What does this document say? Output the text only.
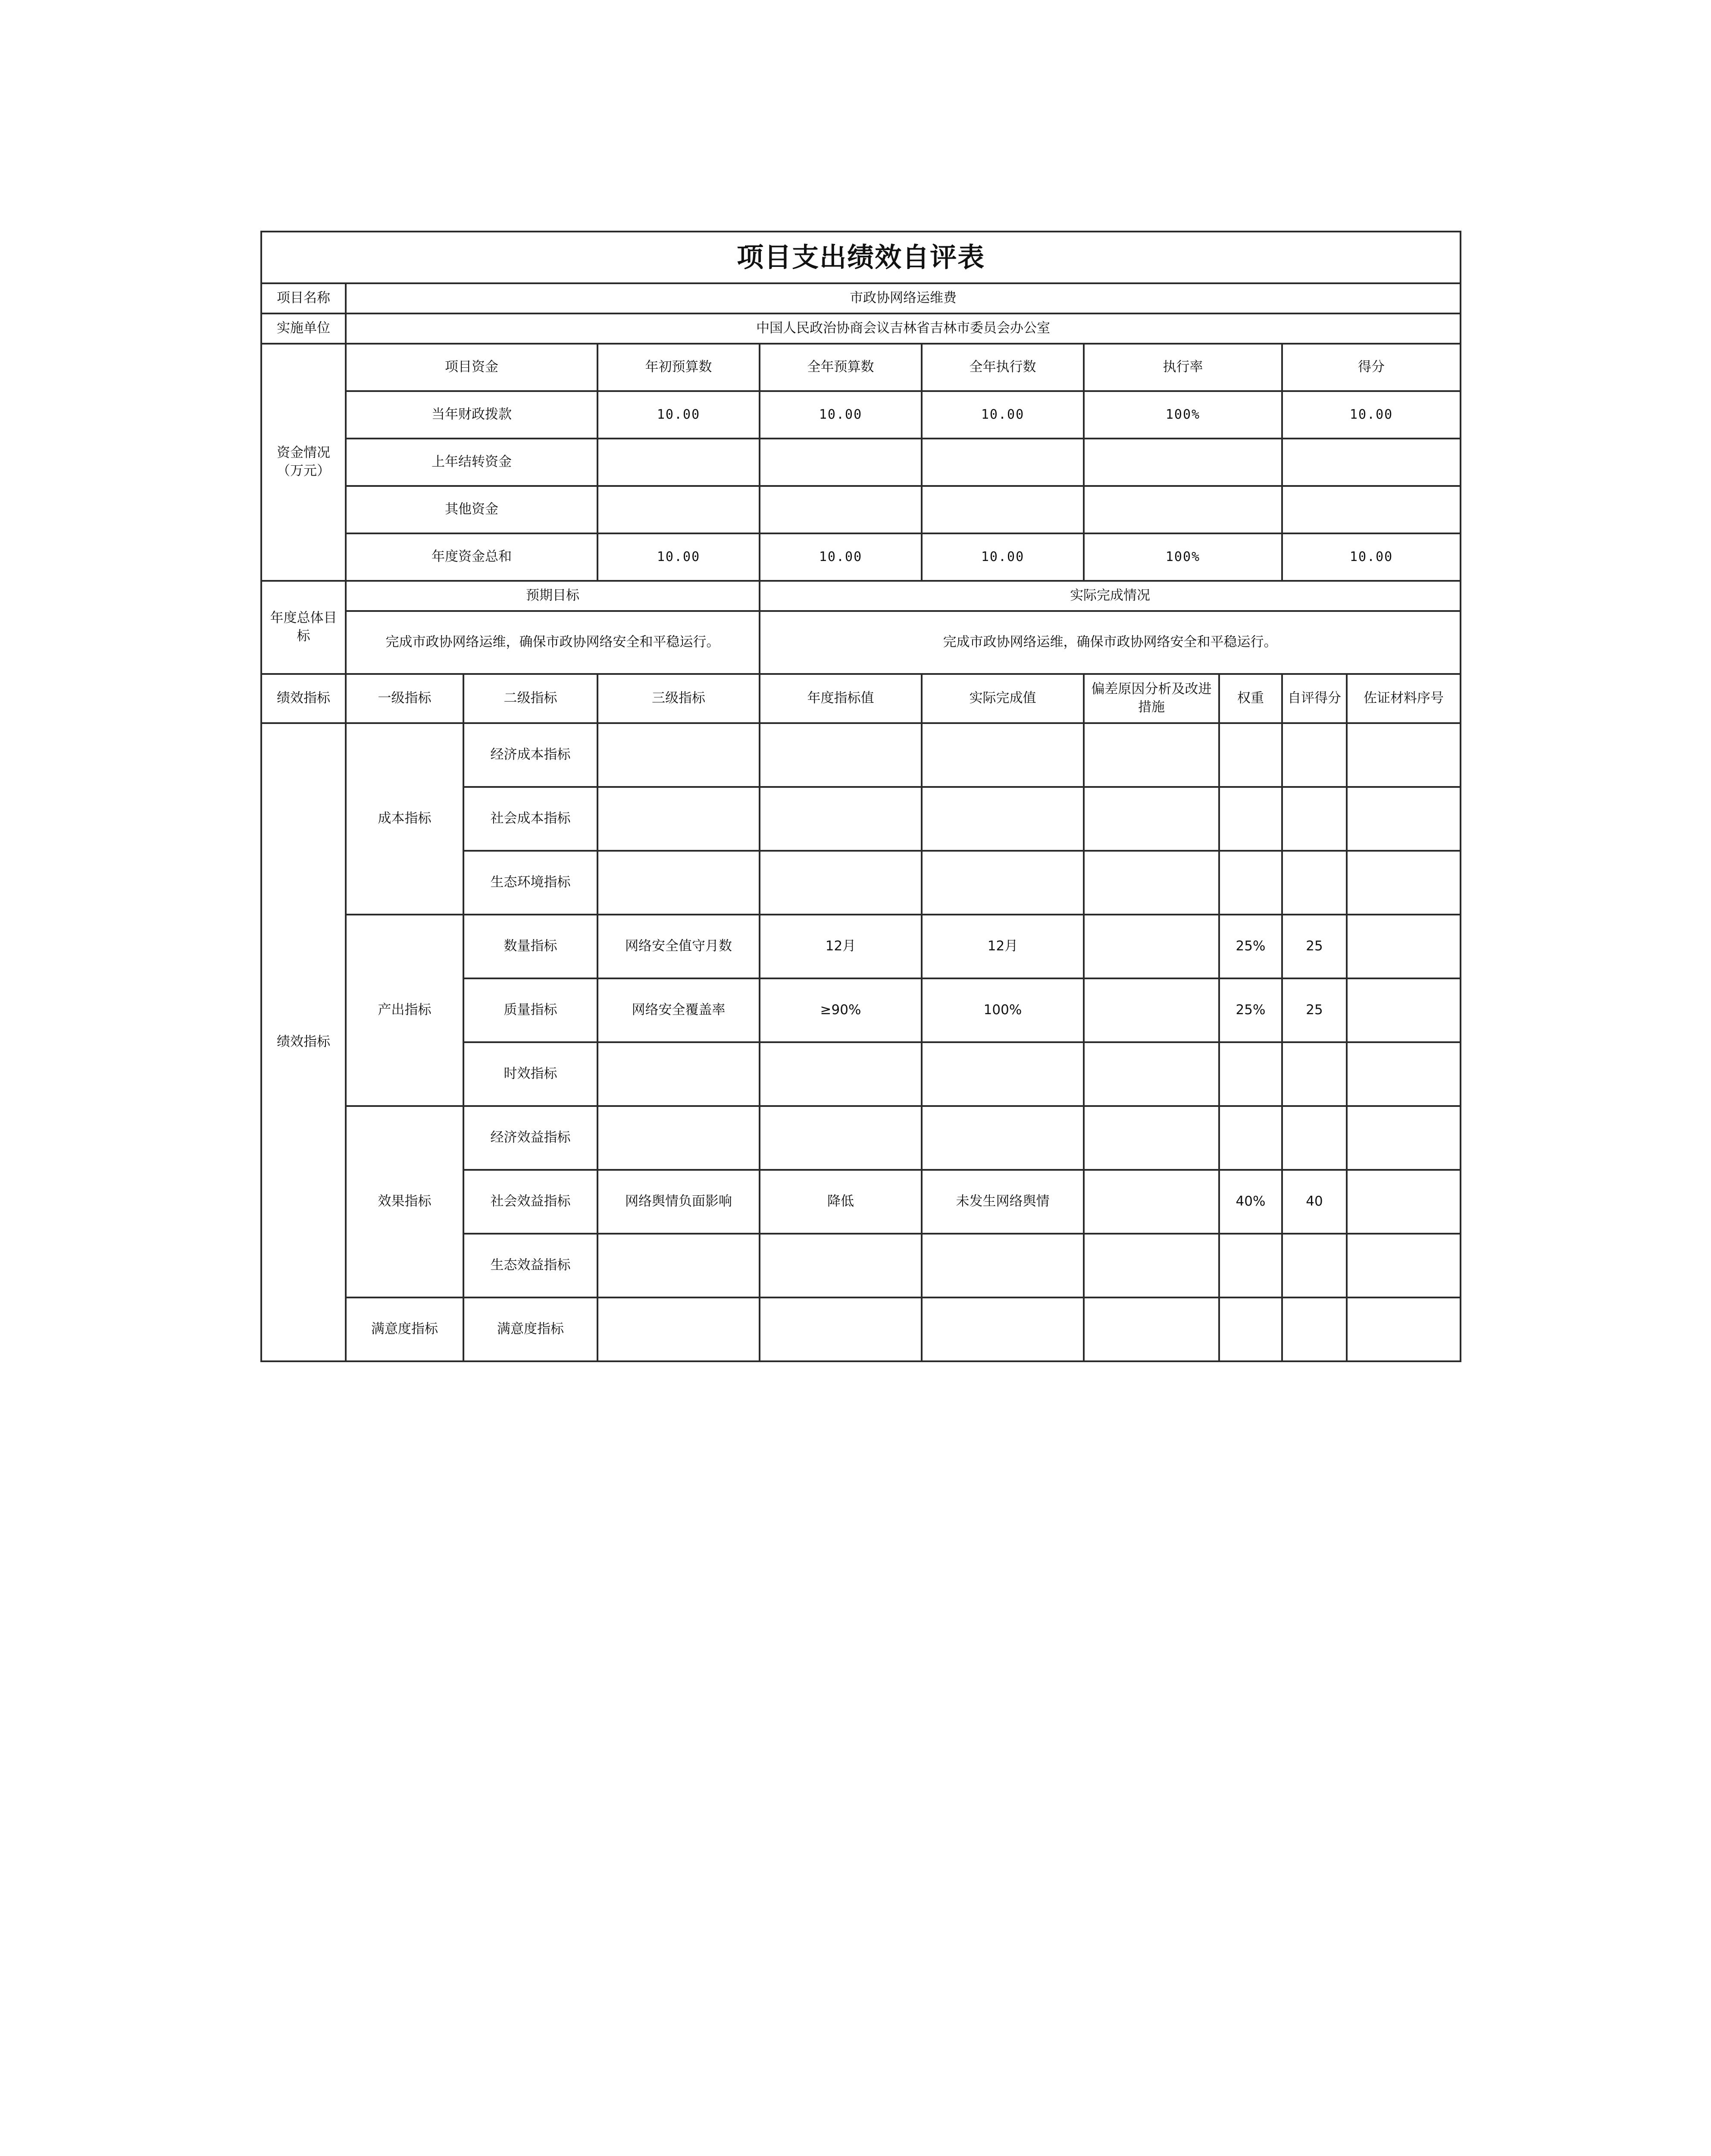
项目支出绩效自评表									
项目名称	市政协网络运维费								
实施单位	中国人民政治协商会议吉林省吉林市委员会办公室								
资金情况（万元）	项目资金		年初预算数	全年预算数	全年执行数	执行率		得分	
	当年财政拨款		10.00	10.00	10.00	100%		10.00	
	上年结转资金								
	其他资金								
	年度资金总和		10.00	10.00	10.00	100%		10.00	
年度总体目标	预期目标			实际完成情况					
	完成市政协网络运维，确保市政协网络安全和平稳运行。			完成市政协网络运维，确保市政协网络安全和平稳运行。					
绩效指标	一级指标	二级指标	三级指标	年度指标值	实际完成值	偏差原因分析及改进措施	权重	自评得分	佐证材料序号
绩效指标	成本指标	经济成本指标							
		社会成本指标							
		生态环境指标							
	产出指标	数量指标	网络安全值守月数	12月	12月		25%	25	
		质量指标	网络安全覆盖率	≥90%	100%		25%	25	
		时效指标							
	效果指标	经济效益指标							
		社会效益指标	网络舆情负面影响	降低	未发生网络舆情		40%	40	
		生态效益指标							
	满意度指标	满意度指标							
